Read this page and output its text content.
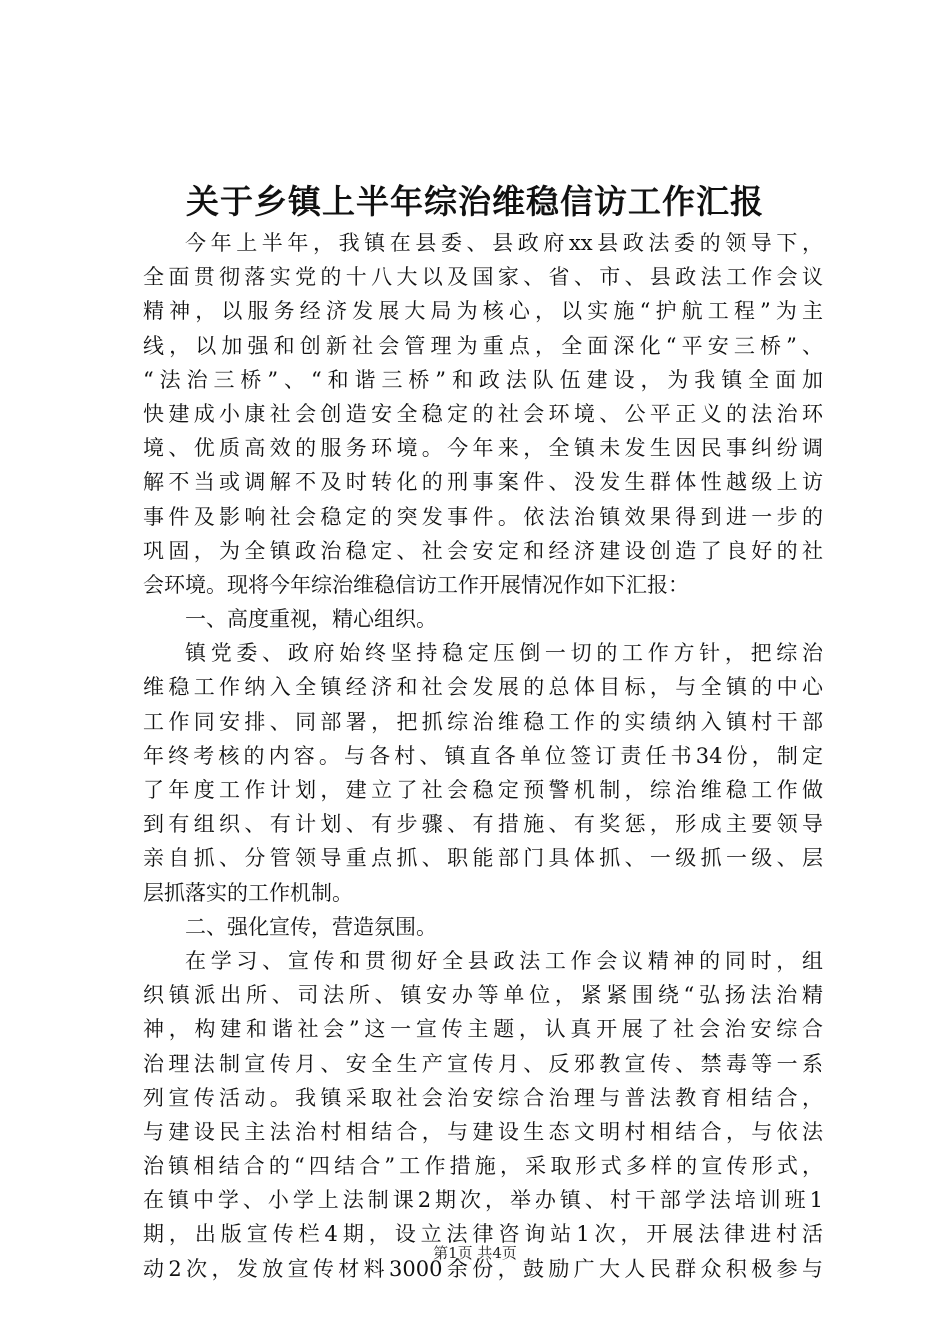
关于乡镇上半年综治维稳信访工作汇报
今年上半年，我镇在县委、县政府xx县政法委的领导下，
全面贯彻落实党的十八大以及国家、省、市、县政法工作会议
精神，以服务经济发展大局为核心，以实施“护航工程”为主
线，以加强和创新社会管理为重点，全面深化“平安三桥”、
“法治三桥”、“和谐三桥”和政法队伍建设，为我镇全面加
快建成小康社会创造安全稳定的社会环境、公平正义的法治环
境、优质高效的服务环境。今年来，全镇未发生因民事纠纷调
解不当或调解不及时转化的刑事案件、没发生群体性越级上访
事件及影响社会稳定的突发事件。依法治镇效果得到进一步的
巩固，为全镇政治稳定、社会安定和经济建设创造了良好的社
会环境。现将今年综治维稳信访工作开展情况作如下汇报：
一、高度重视，精心组织。
镇党委、政府始终坚持稳定压倒一切的工作方针，把综治
维稳工作纳入全镇经济和社会发展的总体目标，与全镇的中心
工作同安排、同部署，把抓综治维稳工作的实绩纳入镇村干部
年终考核的内容。与各村、镇直各单位签订责任书34份，制定
了年度工作计划，建立了社会稳定预警机制，综治维稳工作做
到有组织、有计划、有步骤、有措施、有奖惩，形成主要领导
亲自抓、分管领导重点抓、职能部门具体抓、一级抓一级、层
层抓落实的工作机制。
二、强化宣传，营造氛围。
在学习、宣传和贯彻好全县政法工作会议精神的同时，组
织镇派出所、司法所、镇安办等单位，紧紧围绕“弘扬法治精
神，构建和谐社会”这一宣传主题，认真开展了社会治安综合
治理法制宣传月、安全生产宣传月、反邪教宣传、禁毒等一系
列宣传活动。我镇采取社会治安综合治理与普法教育相结合，
与建设民主法治村相结合，与建设生态文明村相结合，与依法
治镇相结合的“四结合”工作措施，采取形式多样的宣传形式，
在镇中学、小学上法制课2期次，举办镇、村干部学法培训班1
期，出版宣传栏4期，设立法律咨询站1次，开展法律进村活
动2次，发放宣传材料3000余份，鼓励广大人民群众积极参与
第1页 共4页
